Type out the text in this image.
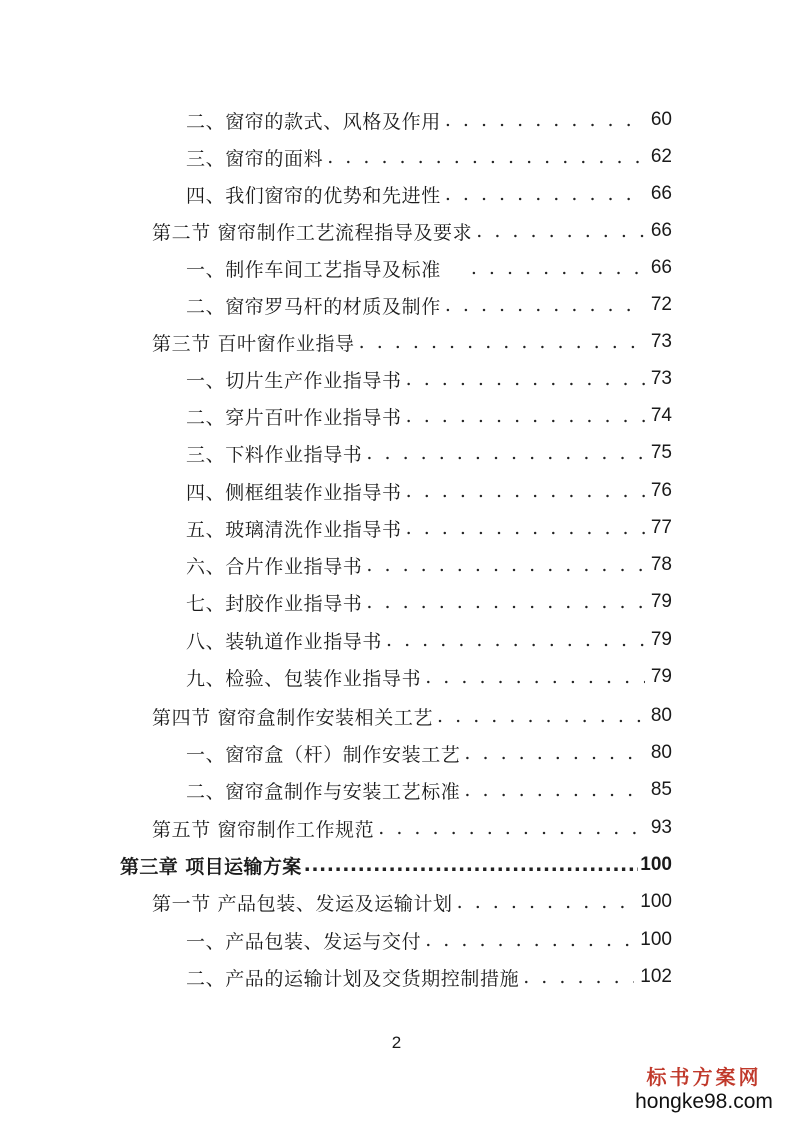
二、窗帘的款式、风格及作用 . . .	60
三、窗帘的面料 . . .	62
四、我们窗帘的优势和先进性 . . .	66
第二节 窗帘制作工艺流程指导及要求 . . .	66
一、制作车间工艺指导及标准 . . .	66
二、窗帘罗马杆的材质及制作 . . .	72
第三节 百叶窗作业指导 . . .	73
一、切片生产作业指导书 . . .	73
二、穿片百叶作业指导书 . . .	74
三、下料作业指导书 . . .	75
四、侧框组装作业指导书 . . .	76
五、玻璃清洗作业指导书 . . .	77
六、合片作业指导书 . . .	78
七、封胶作业指导书 . . .	79
八、装轨道作业指导书 . . .	79
九、检验、包装作业指导书 . . .	79
第四节 窗帘盒制作安装相关工艺 . . .	80
一、窗帘盒（杆）制作安装工艺 . . .	80
二、窗帘盒制作与安装工艺标准 . . .	85
第五节 窗帘制作工作规范 . . .	93
第三章 项目运输方案 .....	100
第一节 产品包装、发运及运输计划 . . .	100
一、产品包装、发运与交付 . . .	100
二、产品的运输计划及交货期控制措施 . . .	102
2
标书方案网
hongke98.com
